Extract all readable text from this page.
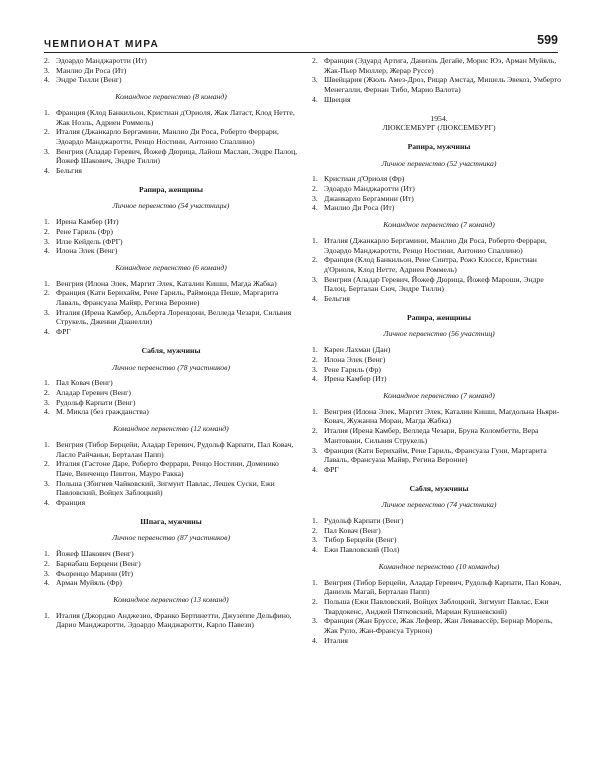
ЧЕМПИОНАТ МИРА	599
2. Эдоардо Манджаротти (Ит)
3. Манлио Ди Роса (Ит)
4. Эндре Тилли (Венг)
Командное первенство (8 команд)
1. Франция (Клод Банкильон, Кристиан д'Ориоля, Жак Латаст, Клод Нетте, Жак Ноэль, Адриен Роммель)
2. Италия (Джанкарло Бергамини, Манлио Ди Роса, Роберто Феррари, Эдоардо Манджаротти, Ренцо Ностини, Антонио Спаллино)
3. Венгрия (Аладар Геревич, Йожеф Дюрица, Лайош Маслаи, Эндре Палоц, Йожеф Шакович, Эндре Тилли)
4. Бельгия
Рапира, женщины
Личное первенство (54 участницы)
1. Ирена Камбер (Ит)
2. Рене Гариль (Фр)
3. Илзе Кейдель (ФРГ)
4. Илона Элек (Венг)
Командное первенство (6 команд)
1. Венгрия (Илона Элек, Маргит Элек, Каталин Кишш, Магда Жабка)
2. Франция (Кати Берихайм, Рене Гариль, Раймонда Пеше, Маргарита Лаваль, Франсуаза Майяр, Регина Вероннe)
3. Италия (Ирена Камбер, Альберта Лоренцони, Велледа Чезари, Сильвия Струкель, Дженни Дзанелли)
4. ФРГ
Сабля, мужчины
Личное первенство (78 участников)
1. Пал Ковач (Венг)
2. Аладар Геревич (Венг)
3. Рудольф Карпати (Венг)
4. М. Микла (без гражданства)
Командное первенство (12 команд)
1. Венгрия (Тибор Берцейи, Аладар Геревич, Рудольф Карпати, Пал Ковач, Ласло Райчаньи, Берталан Папп)
2. Италия (Гастоне Даре, Роберто Феррари, Ренцо Ностини, Доменико Паче, Винченцо Пинтон, Мауро Ракка)
3. Польша (Збигнев Чайковский, Зигмунт Павлас, Лешек Суски, Ежи Павловский, Войцех Заблоцкий)
4. Франция
Шпага, мужчины
Личное первенство (87 участников)
1. Йожеф Шакович (Венг)
2. Барнабаш Берцени (Венг)
3. Фьоренцо Марини (Ит)
4. Арман Муйяль (Фр)
Командное первенство (13 команд)
1. Италия (Джорджо Анджезио, Франко Бертинетти, Джузеппе Дельфино, Дарио Манджаротти, Эдоардо Манджаротти, Карло Павези)
2. Франция (Эдуард Артига, Даниэль Дегайе, Морис Юэ, Арман Муйяль, Жак-Пьер Мюллер, Жерар Руссе)
3. Швейцария (Жюль Амез-Дроз, Рицар Амстад, Мишель Эвекоз, Умберто Менегалли, Фернан Тибо, Марио Валота)
4. Швеция
1954.
ЛЮКСЕМБУРГ (ЛЮКСЕМБУРГ)
Рапира, мужчины
Личное первенство (52 участника)
1. Кристиан д'Ориоля (Фр)
2. Эдоардо Манджаротти (Ит)
3. Джанкарло Бергамини (Ит)
4. Манлио Ди Роса (Ит)
Командное первенство (7 команд)
1. Италия (Джанкарло Бергамини, Манлио Ди Роса, Роберто Феррари, Эдоардо Манджаротти, Ренцо Ностини, Антонио Спаллино)
2. Франция (Клод Банкильон, Рене Синтра, Рожэ Клоссе, Кристиан д'Ориоля, Клод Нетте, Адриен Роммель)
3. Венгрия (Аладар Геревич, Йожеф Дюрица, Йожеф Мароши, Эндре Палоц, Берталан Сюч, Эндре Тилли)
4. Бельгия
Рапира, женщины
Личное первенство (56 участниц)
1. Карен Лахман (Дан)
2. Илона Элек (Венг)
3. Рене Гариль (Фр)
4. Ирена Камбер (Ит)
Командное первенство (7 команд)
1. Венгрия (Илона Элек, Маргит Элек, Каталин Кишш, Магдольна Ньяри-Ковач, Жужанна Моран, Магда Жабка)
2. Италия (Ирена Камбер, Велледа Чезари, Бруна Коломбетти, Вера Мантовани, Сильвия Струкель)
3. Франция (Кати Берихайм, Рене Гариль, Франсуаза Гуни, Маргарита Лаваль, Франсуаза Майяр, Регина Вероннe)
4. ФРГ
Сабля, мужчины
Личное первенство (74 участника)
1. Рудольф Карпати (Венг)
2. Пал Ковач (Венг)
3. Тибор Берцейи (Венг)
4. Ежи Павловский (Пол)
Командное первенство (10 команды)
1. Венгрия (Тибор Берцейи, Аладар Геревич, Рудольф Карпати, Пал Ковач, Даниэль Магай, Берталан Папп)
2. Польша (Ежи Павловский, Войцех Заблоцкий, Зигмунт Павлас, Ежи Твардокенс, Анджей Пятковский, Мариан Кушневский)
3. Франция (Жан Бруссе, Жак Лефевр, Жан Левавассёр, Бернар Морель, Жак Руло, Жан-Франсуа Турнон)
4. Италия
